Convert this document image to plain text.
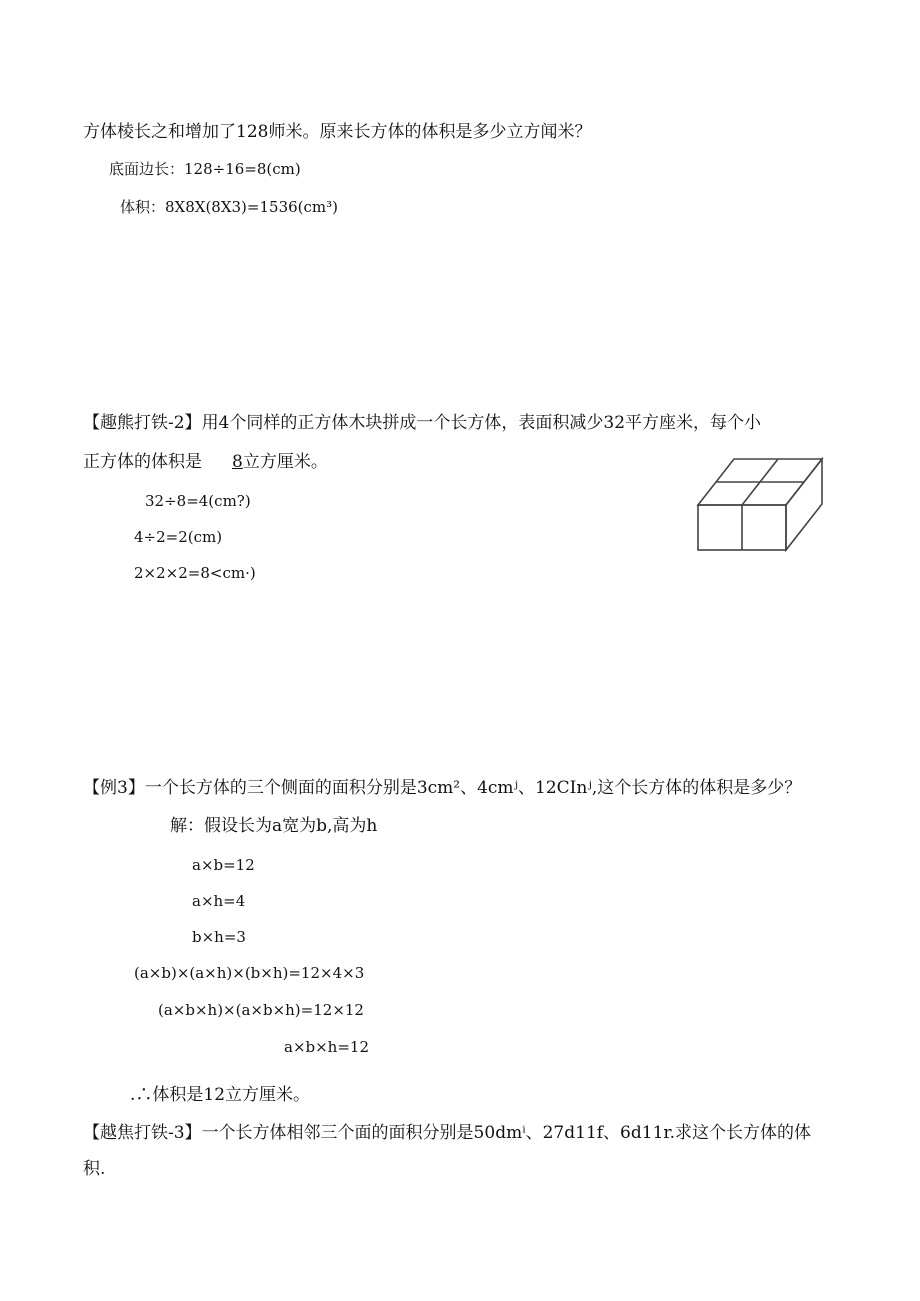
方体棱长之和增加了128师米。原来长方体的体积是多少立方闻米？
底面边长：128÷16=8(cm)
体积：8X8X(8X3)=1536(cm³)
【趣熊打铁-2】用4个同样的正方体木块拼成一个长方体，表面积减少32平方座米，每个小
正方体的体积是 8立方厘米。
32÷8=4(cm?)
4÷2=2(cm)
2×2×2=8<cm·)
【例3】一个长方体的三个侧面的面积分别是3cm²、4cmʲ、12CInʲ,这个长方体的体积是多少？
解：假设长为a宽为b,高为h
a×b=12
a×h=4
b×h=3
(a×b)×(a×h)×(b×h)=12×4×3
(a×b×h)×(a×b×h)=12×12
a×b×h=12
.∴体积是12立方厘米。
【越焦打铁-3】一个长方体相邻三个面的面积分别是50dmⁱ、27d11f、6d11r.求这个长方体的体
积.
